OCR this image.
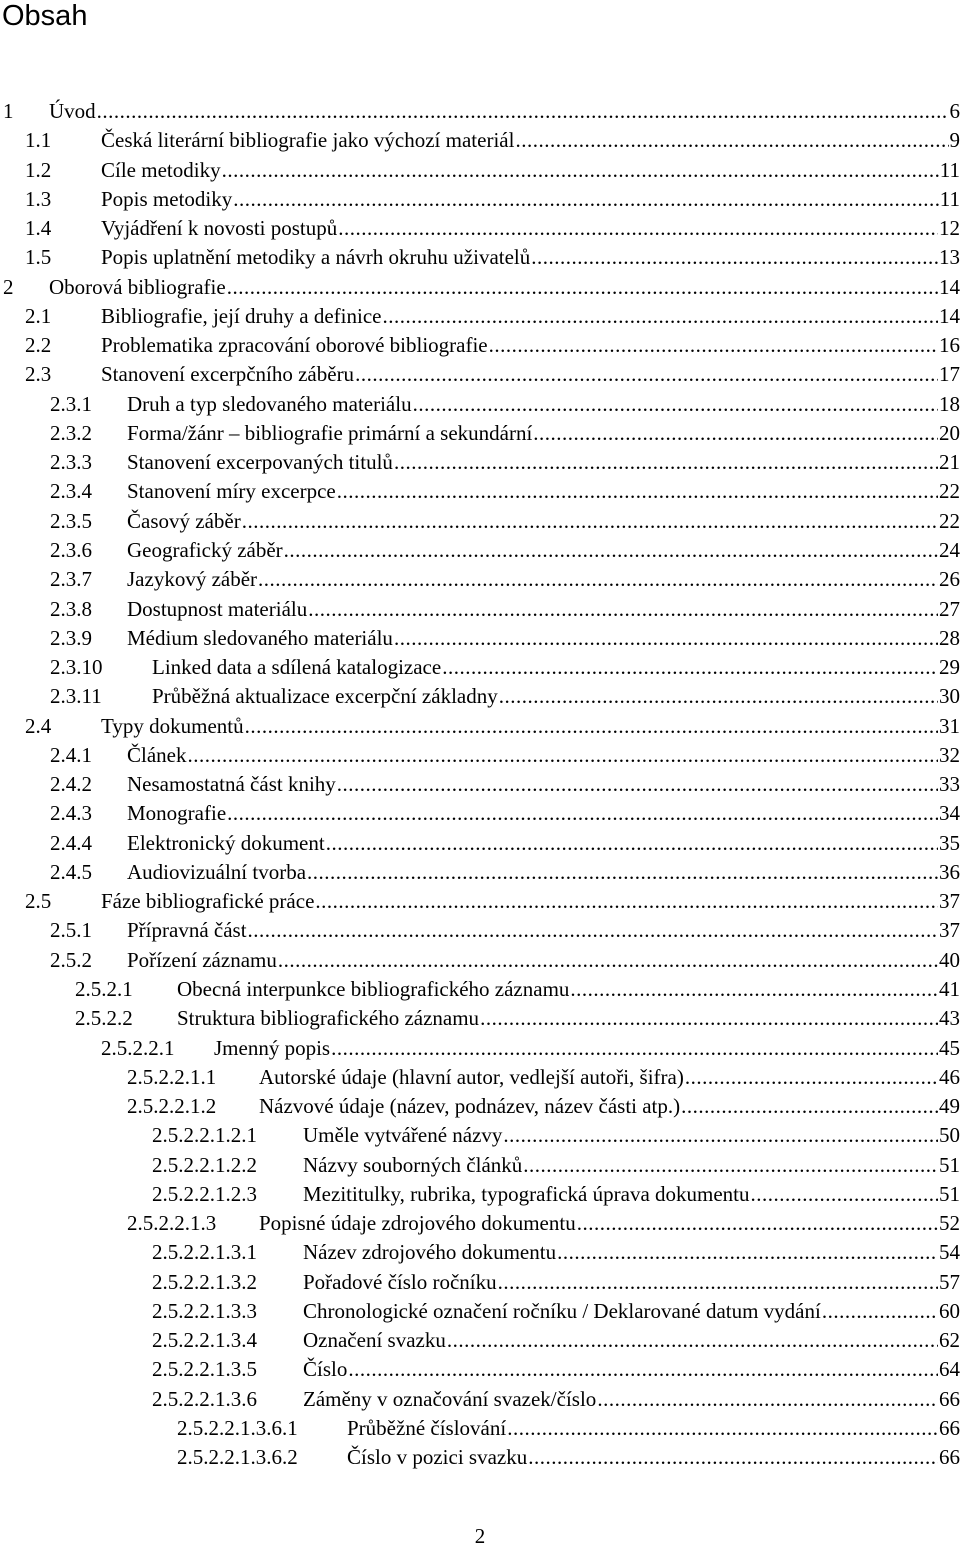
Obsah
1 Úvod .....	6
1.1 Česká literární bibliografie jako výchozí materiál .....	9
1.2 Cíle metodiky .....	11
1.3 Popis metodiky .....	11
1.4 Vyjádření k novosti postupů .....	12
1.5 Popis uplatnění metodiky a návrh okruhu uživatelů .....	13
2 Oborová bibliografie .....	14
2.1 Bibliografie, její druhy a definice .....	14
2.2 Problematika zpracování oborové bibliografie .....	16
2.3 Stanovení excerpčního záběru .....	17
2.3.1 Druh a typ sledovaného materiálu .....	18
2.3.2 Forma/žánr – bibliografie primární a sekundární .....	20
2.3.3 Stanovení excerpovaných titulů .....	21
2.3.4 Stanovení míry excerpce .....	22
2.3.5 Časový záběr .....	22
2.3.6 Geografický záběr .....	24
2.3.7 Jazykový záběr .....	26
2.3.8 Dostupnost materiálu .....	27
2.3.9 Médium sledovaného materiálu .....	28
2.3.10 Linked data a sdílená katalogizace .....	29
2.3.11 Průběžná aktualizace excerpční základny .....	30
2.4 Typy dokumentů .....	31
2.4.1 Článek .....	32
2.4.2 Nesamostatná část knihy .....	33
2.4.3 Monografie .....	34
2.4.4 Elektronický dokument .....	35
2.4.5 Audiovizuální tvorba .....	36
2.5 Fáze bibliografické práce .....	37
2.5.1 Přípravná část .....	37
2.5.2 Pořízení záznamu .....	40
2.5.2.1 Obecná interpunkce bibliografického záznamu .....	41
2.5.2.2 Struktura bibliografického záznamu .....	43
2.5.2.2.1 Jmenný popis .....	45
2.5.2.2.1.1 Autorské údaje (hlavní autor, vedlejší autoři, šifra) .....	46
2.5.2.2.1.2 Názvové údaje (název, podnázev, název části atp.) .....	49
2.5.2.2.1.2.1 Uměle vytvářené názvy .....	50
2.5.2.2.1.2.2 Názvy souborných článků .....	51
2.5.2.2.1.2.3 Mezititulky, rubrika, typografická úprava dokumentu .....	51
2.5.2.2.1.3 Popisné údaje zdrojového dokumentu .....	52
2.5.2.2.1.3.1 Název zdrojového dokumentu .....	54
2.5.2.2.1.3.2 Pořadové číslo ročníku .....	57
2.5.2.2.1.3.3 Chronologické označení ročníku / Deklarované datum vydání .....	60
2.5.2.2.1.3.4 Označení svazku .....	62
2.5.2.2.1.3.5 Číslo .....	64
2.5.2.2.1.3.6 Záměny v označování svazek/číslo .....	66
2.5.2.2.1.3.6.1 Průběžné číslování .....	66
2.5.2.2.1.3.6.2 Číslo v pozici svazku .....	66
2
